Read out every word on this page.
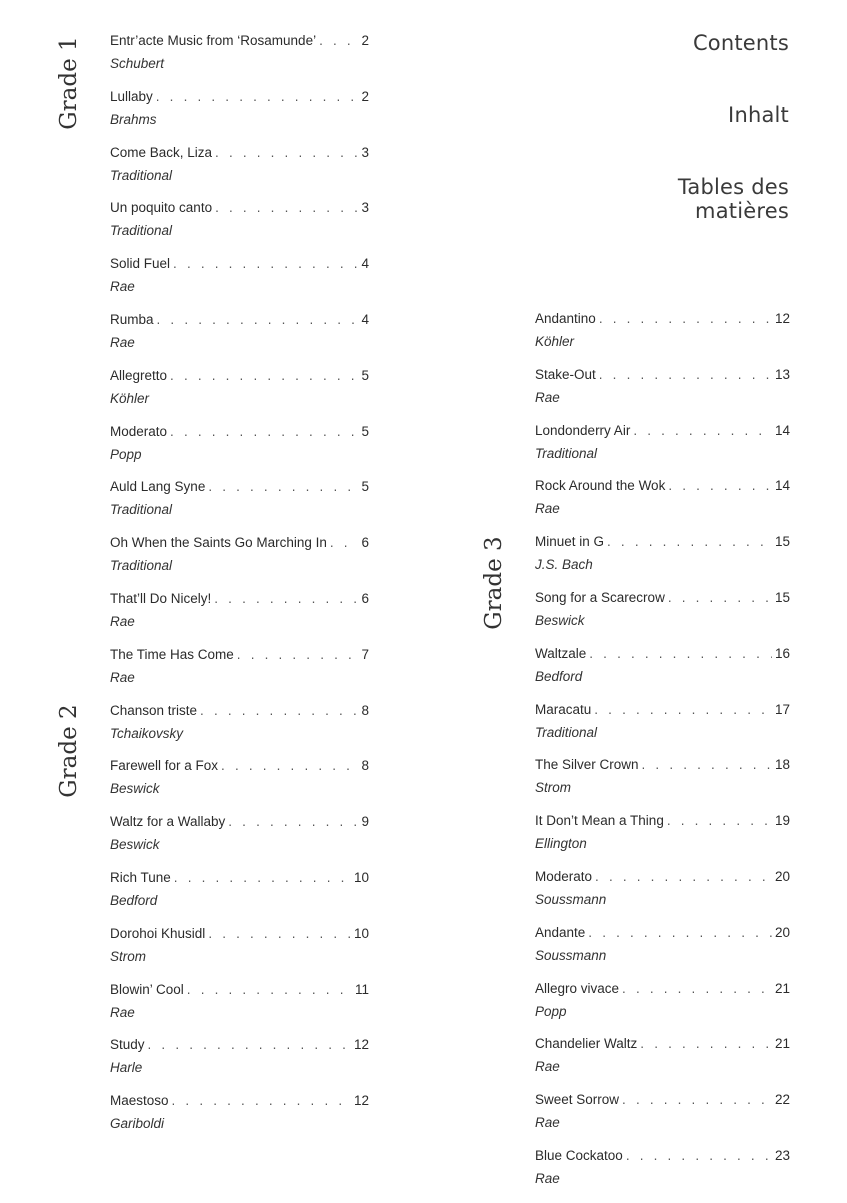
Contents
Inhalt
Tables des matières
Grade 1
Grade 2
Grade 3
Entr’acte Music from ‘Rosamunde’ . . .	2
Schubert
Lullaby . . .	2
Brahms
Come Back, Liza . . .	3
Traditional
Un poquito canto . . .	3
Traditional
Solid Fuel . . .	4
Rae
Rumba . . .	4
Rae
Allegretto . . .	5
Köhler
Moderato . . .	5
Popp
Auld Lang Syne . . .	5
Traditional
Oh When the Saints Go Marching In . . .	6
Traditional
That’ll Do Nicely! . . .	6
Rae
The Time Has Come . . .	7
Rae
Chanson triste . . .	8
Tchaikovsky
Farewell for a Fox . . .	8
Beswick
Waltz for a Wallaby . . .	9
Beswick
Rich Tune . . .	10
Bedford
Dorohoi Khusidl . . .	10
Strom
Blowin’ Cool . . .	11
Rae
Study . . .	12
Harle
Maestoso . . .	12
Gariboldi
Andantino . . .	12
Köhler
Stake-Out . . .	13
Rae
Londonderry Air . . .	14
Traditional
Rock Around the Wok . . .	14
Rae
Minuet in G . . .	15
J.S. Bach
Song for a Scarecrow . . .	15
Beswick
Waltzale . . .	16
Bedford
Maracatu . . .	17
Traditional
The Silver Crown . . .	18
Strom
It Don’t Mean a Thing . . .	19
Ellington
Moderato . . .	20
Soussmann
Andante . . .	20
Soussmann
Allegro vivace . . .	21
Popp
Chandelier Waltz . . .	21
Rae
Sweet Sorrow . . .	22
Rae
Blue Cockatoo . . .	23
Rae
